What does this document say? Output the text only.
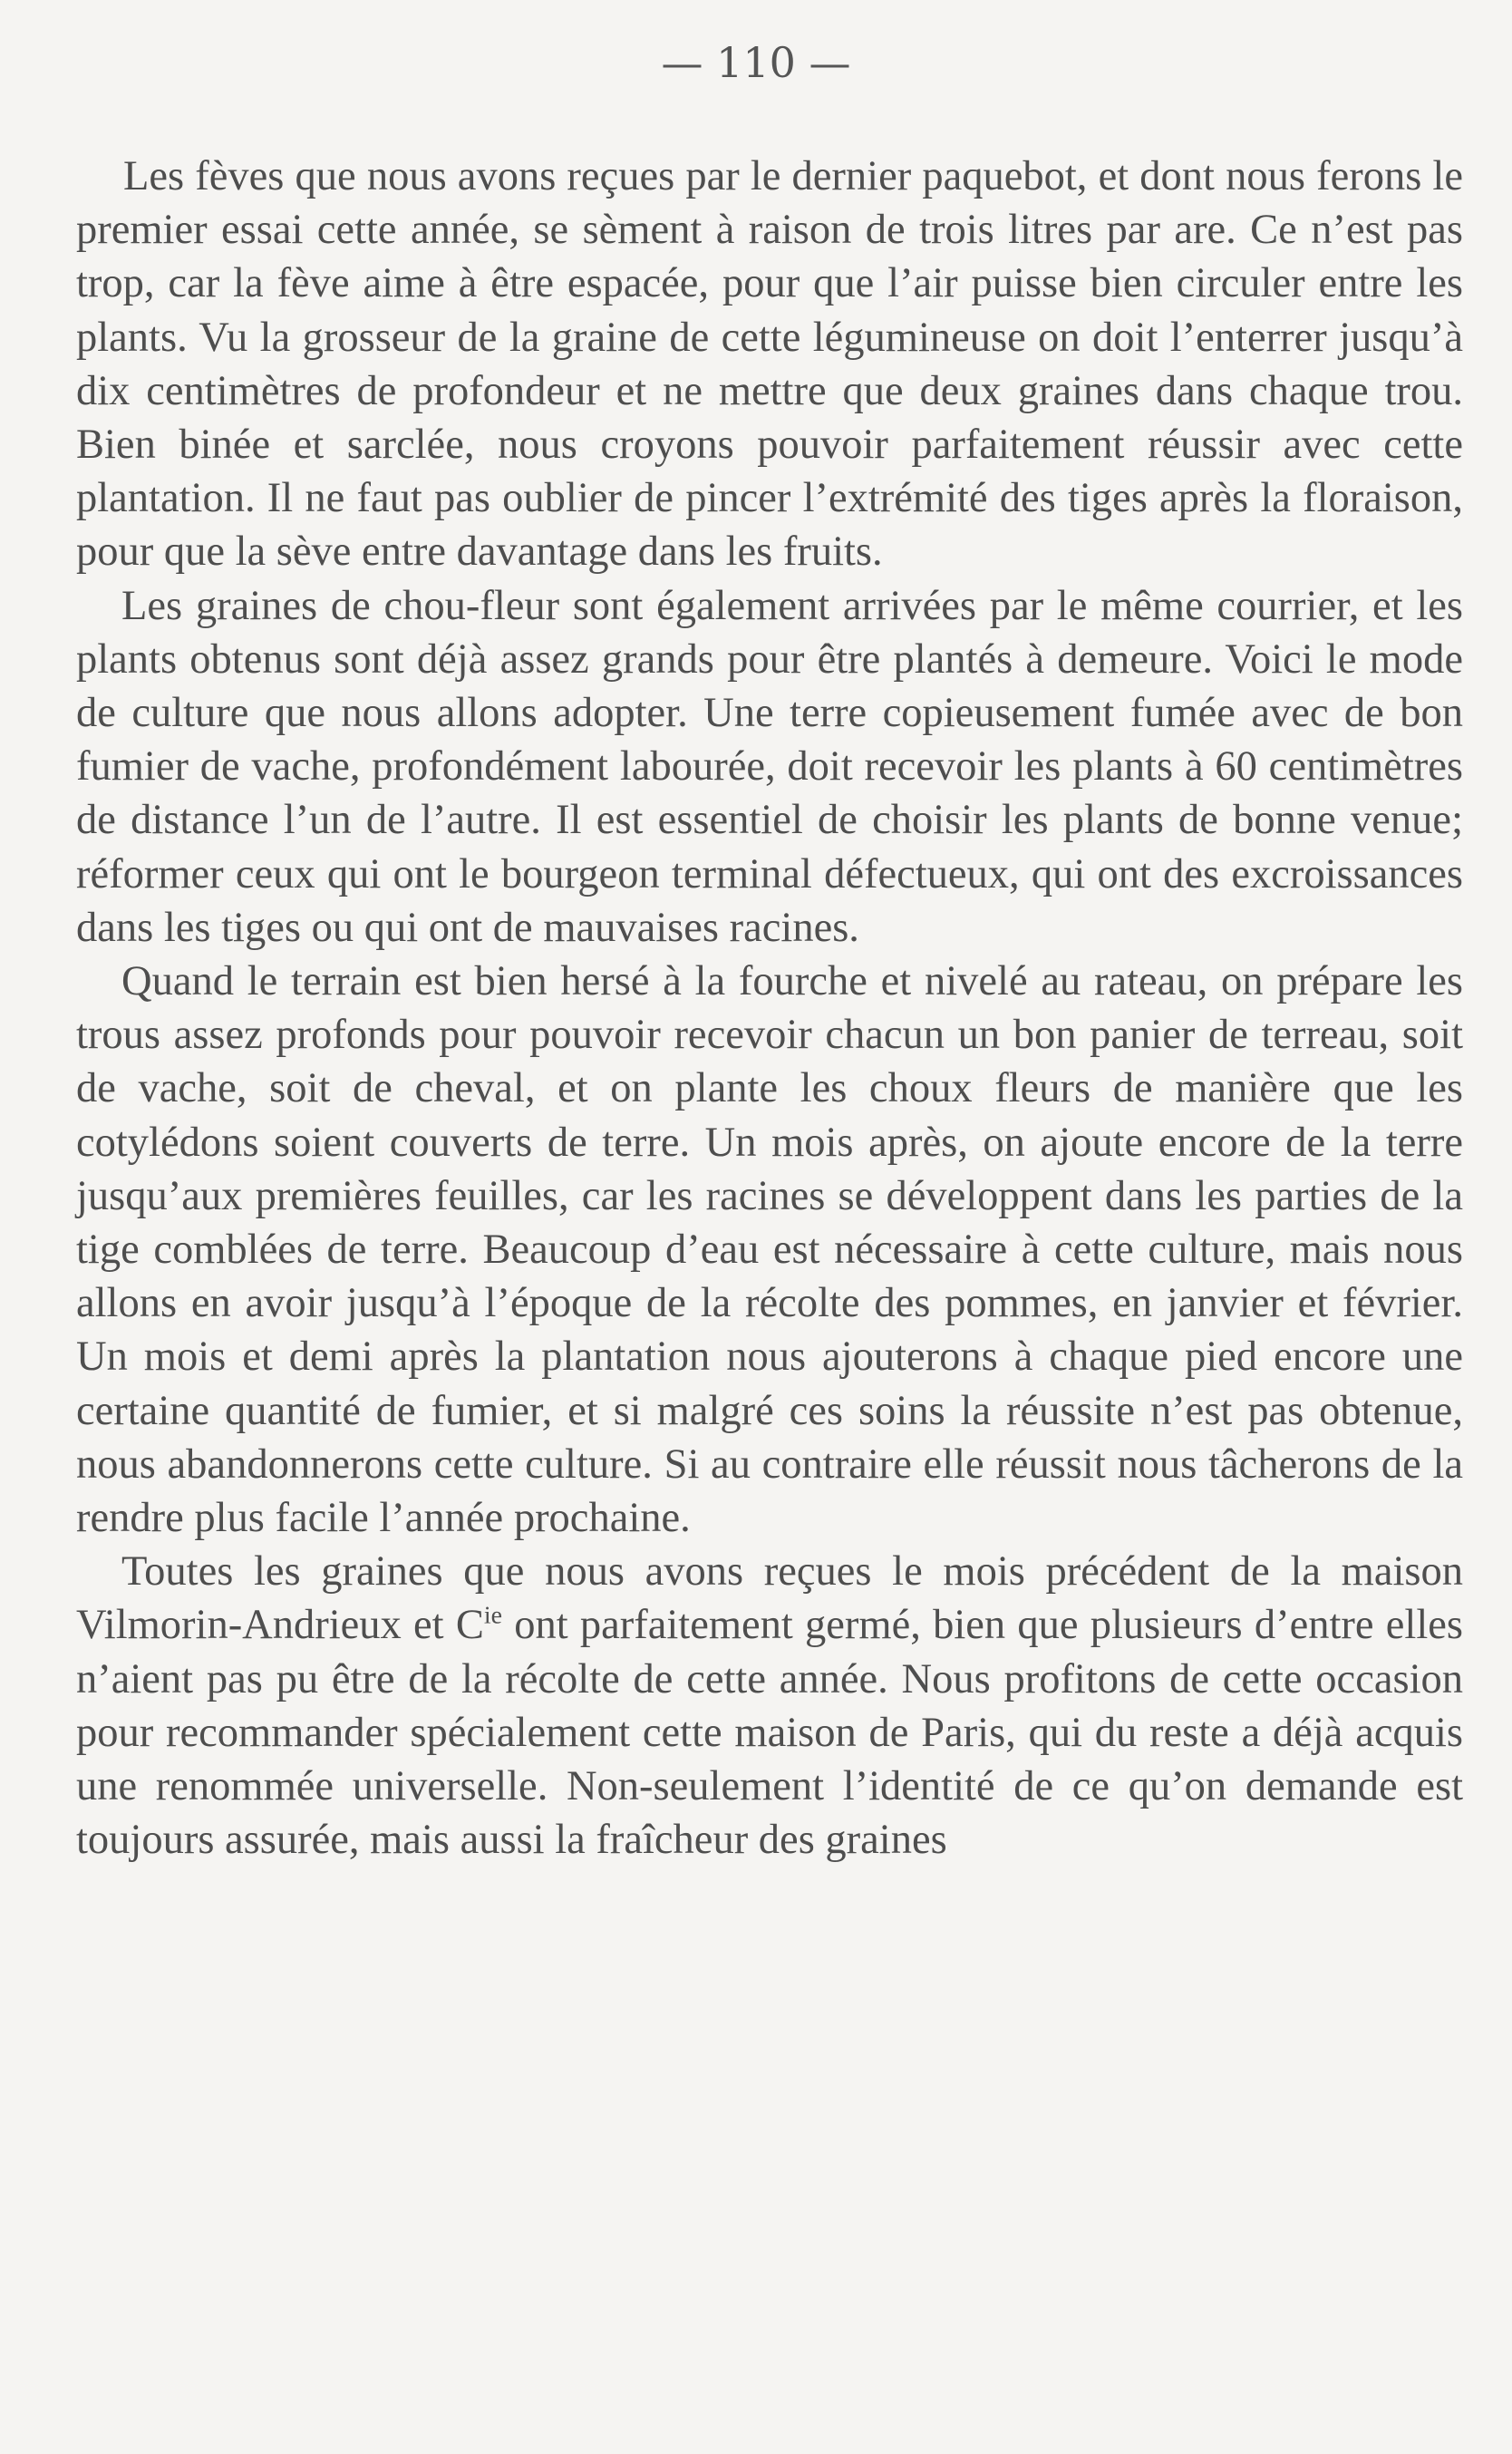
— 110 —

Les fèves que nous avons reçues par le dernier paquebot, et dont nous ferons le premier essai cette année, se sèment à raison de trois litres par are. Ce n’est pas trop, car la fève aime à être espacée, pour que l’air puisse bien circuler entre les plants. Vu la grosseur de la graine de cette légumineuse on doit l’enterrer jusqu’à dix centimètres de profondeur et ne mettre que deux graines dans chaque trou. Bien binée et sarclée, nous croyons pouvoir parfaitement réussir avec cette plantation. Il ne faut pas oublier de pincer l’extrémité des tiges après la floraison, pour que la sève entre davantage dans les fruits.

Les graines de chou-fleur sont également arrivées par le même courrier, et les plants obtenus sont déjà assez grands pour être plantés à demeure. Voici le mode de culture que nous allons adopter. Une terre copieusement fumée avec de bon fumier de vache, profondément labourée, doit recevoir les plants à 60 centimètres de distance l’un de l’autre. Il est essentiel de choisir les plants de bonne venue; réformer ceux qui ont le bourgeon terminal défectueux, qui ont des excroissances dans les tiges ou qui ont de mauvaises racines.

Quand le terrain est bien hersé à la fourche et nivelé au rateau, on prépare les trous assez profonds pour pouvoir recevoir chacun un bon panier de terreau, soit de vache, soit de cheval, et on plante les choux fleurs de manière que les cotylédons soient couverts de terre. Un mois après, on ajoute encore de la terre jusqu’aux premières feuilles, car les racines se développent dans les parties de la tige comblées de terre. Beaucoup d’eau est nécessaire à cette culture, mais nous allons en avoir jusqu’à l’époque de la récolte des pommes, en janvier et février. Un mois et demi après la plantation nous ajouterons à chaque pied encore une certaine quantité de fumier, et si malgré ces soins la réussite n’est pas obtenue, nous abandonnerons cette culture. Si au contraire elle réussit nous tâcherons de la rendre plus facile l’année prochaine.

Toutes les graines que nous avons reçues le mois précédent de la maison Vilmorin-Andrieux et $C^{ie}$ ont parfaitement germé, bien que plusieurs d’entre elles n’aient pas pu être de la récolte de cette année. Nous profitons de cette occasion pour recommander spécialement cette maison de Paris, qui du reste a déjà acquis une renommée universelle. Non-seulement l’identité de ce qu’on demande est toujours assurée, mais aussi la fraîcheur des graines
